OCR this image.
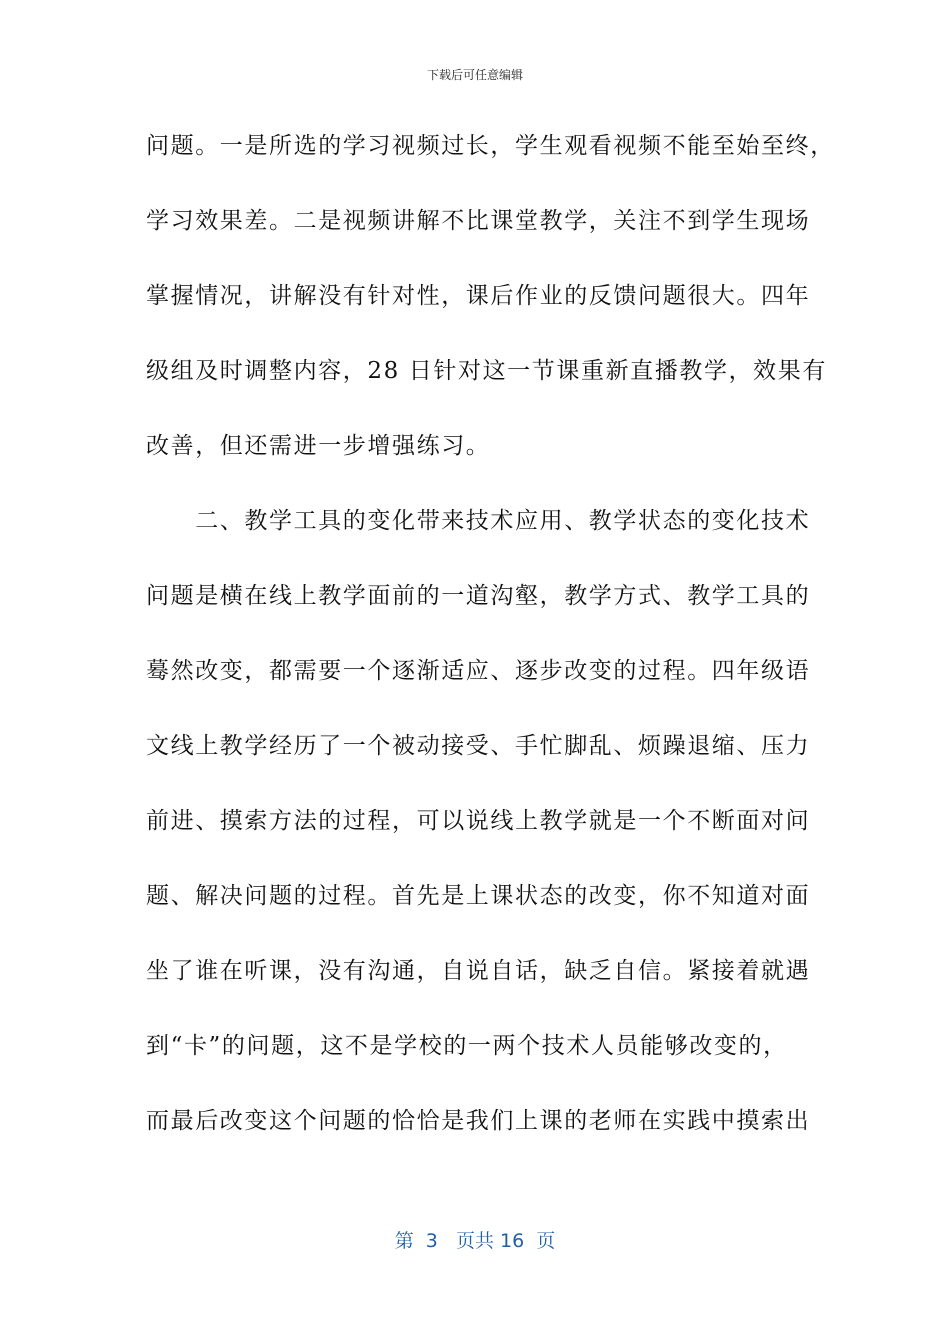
下载后可任意编辑
问题。一是所选的学习视频过长，学生观看视频不能至始至终，
学习效果差。二是视频讲解不比课堂教学，关注不到学生现场
掌握情况，讲解没有针对性，课后作业的反馈问题很大。四年
级组及时调整内容，28 日针对这一节课重新直播教学，效果有
改善，但还需进一步增强练习。
　　二、教学工具的变化带来技术应用、教学状态的变化技术
问题是横在线上教学面前的一道沟壑，教学方式、教学工具的
蓦然改变，都需要一个逐渐适应、逐步改变的过程。四年级语
文线上教学经历了一个被动接受、手忙脚乱、烦躁退缩、压力
前进、摸索方法的过程，可以说线上教学就是一个不断面对问
题、解决问题的过程。首先是上课状态的改变，你不知道对面
坐了谁在听课，没有沟通，自说自话，缺乏自信。紧接着就遇
到“卡”的问题，这不是学校的一两个技术人员能够改变的，
而最后改变这个问题的恰恰是我们上课的老师在实践中摸索出
第  3   页共 16  页
